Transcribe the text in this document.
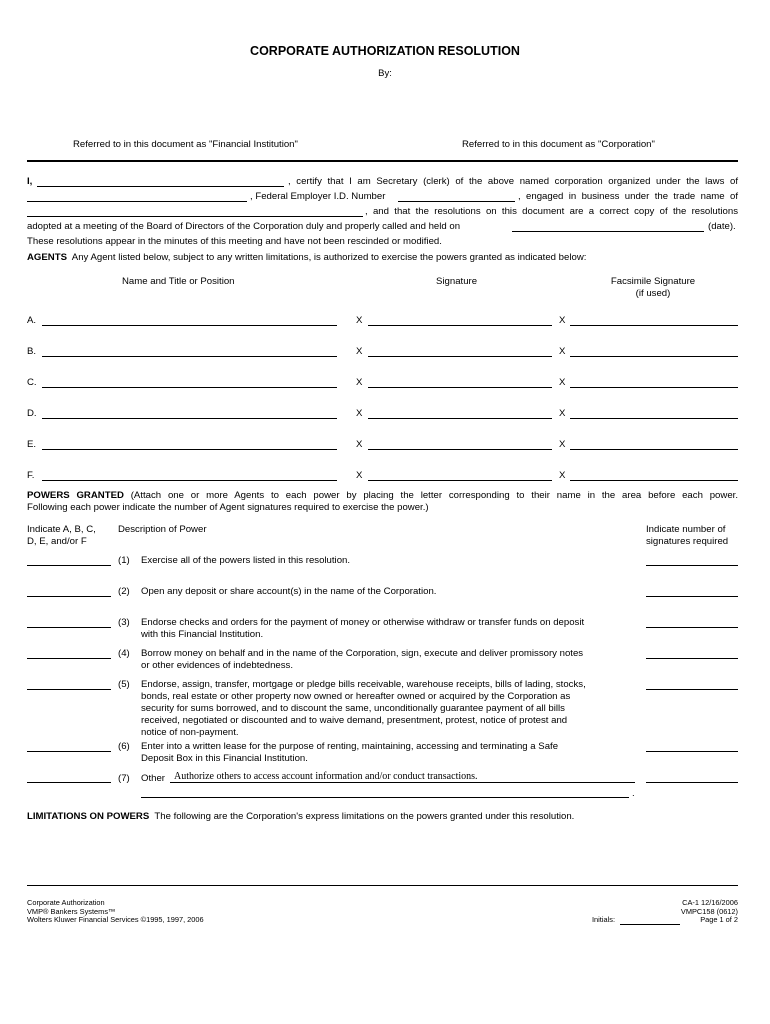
CORPORATE AUTHORIZATION RESOLUTION
By:
Referred to in this document as "Financial Institution"	Referred to in this document as "Corporation"
I,	, certify that I am Secretary (clerk) of the above named corporation organized under the laws of
, Federal Employer I.D. Number	, engaged in business under the trade name of
, and that the resolutions on this document are a correct copy of the resolutions
adopted at a meeting of the Board of Directors of the Corporation duly and properly called and held on	(date).
These resolutions appear in the minutes of this meeting and have not been rescinded or modified.
AGENTS Any Agent listed below, subject to any written limitations, is authorized to exercise the powers granted as indicated below:
Name and Title or Position	Signature	Facsimile Signature
(if used)
A.	X	X
B.	X	X
C.	X	X
D.	X	X
E.	X	X
F.	X	X
POWERS GRANTED (Attach one or more Agents to each power by placing the letter corresponding to their name in the area before each power.
Following each power indicate the number of Agent signatures required to exercise the power.)
Indicate A, B, C,
D, E, and/or F
Description of Power	Indicate number of
signatures required
(1) Exercise all of the powers listed in this resolution.
(2) Open any deposit or share account(s) in the name of the Corporation.
(3) Endorse checks and orders for the payment of money or otherwise withdraw or transfer funds on deposit
with this Financial Institution.
(4) Borrow money on behalf and in the name of the Corporation, sign, execute and deliver promissory notes
or other evidences of indebtedness.
(5) Endorse, assign, transfer, mortgage or pledge bills receivable, warehouse receipts, bills of lading, stocks,
bonds, real estate or other property now owned or hereafter owned or acquired by the Corporation as
security for sums borrowed, and to discount the same, unconditionally guarantee payment of all bills
received, negotiated or discounted and to waive demand, presentment, protest, notice of protest and
notice of non-payment.
(6) Enter into a written lease for the purpose of renting, maintaining, accessing and terminating a Safe
Deposit Box in this Financial Institution.
(7) Other Authorize others to access account information and/or conduct transactions.
.
LIMITATIONS ON POWERS The following are the Corporation's express limitations on the powers granted under this resolution.
Corporate Authorization
VMP® Bankers Systems™
Wolters Kluwer Financial Services ©1995, 1997, 2006	Initials:
CA-1 12/16/2006
VMPC158 (0612)
Page 1 of 2
